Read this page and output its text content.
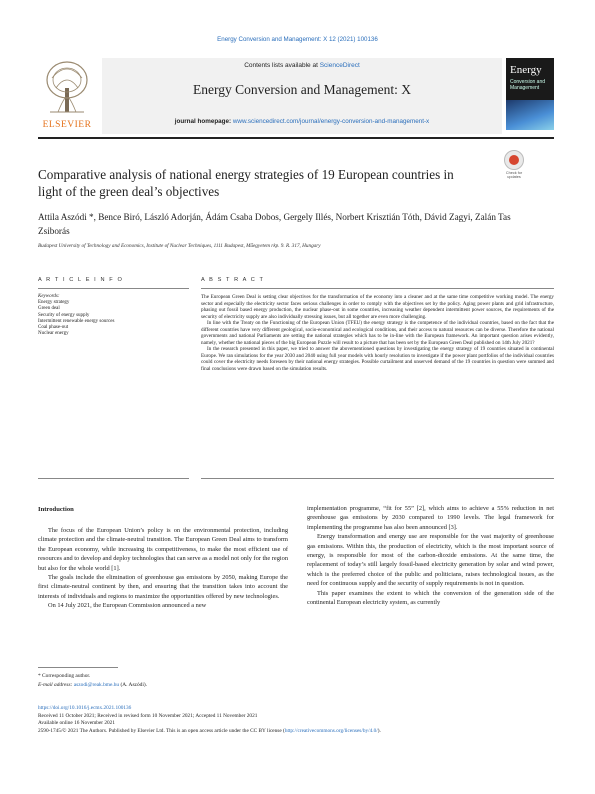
Energy Conversion and Management: X 12 (2021) 100136
ELSEVIER
Contents lists available at ScienceDirect
Energy Conversion and Management: X
journal homepage: www.sciencedirect.com/journal/energy-conversion-and-management-x
Energy
Conversion and Management
Comparative analysis of national energy strategies of 19 European countries in light of the green deal’s objectives
Check for updates
Attila Aszódi *, Bence Biró, László Adorján, Ádám Csaba Dobos, Gergely Illés, Norbert Krisztián Tóth, Dávid Zagyi, Zalán Tas Zsiborás
Budapest University of Technology and Economics, Institute of Nuclear Techniques, 1111 Budapest, Műegyetem rkp. 9. R. 317, Hungary
A R T I C L E I N F O	A B S T R A C T
Keywords:
Energy strategy
Green deal
Security of energy supply
Intermittent renewable energy sources
Coal phase-out
Nuclear energy

The European Green Deal is setting clear objectives for the transformation of the economy into a cleaner and at the same time competitive working model. The energy sector and especially the electricity sector faces serious challenges in order to comply with the objectives set by the policy. Aging power plants and grid infrastructure, phasing out fossil based energy production, the nuclear phase-out in some countries, increasing weather dependent intermittent power sources, the requirements of the security of electricity supply are also individually stressing issues, but all together are even more challenging.

In line with the Treaty on the Functioning of the European Union (TFEU) the energy strategy is the competence of the individual countries, based on the fact that the different countries have very different geological, socio-economical and ecological conditions, and their access to natural resources can be diverse. Therefore the national governments and national Parliaments are setting the national strategies which has to be in-line with the European framework. An important question arises evidently, namely, whether the national pieces of the big European Puzzle will result to a picture that has been set by the European Green Deal published on 14th July 2021?

In the research presented in this paper, we tried to answer the abovementioned questions by investigating the energy strategy of 19 countries situated in continental Europe. We ran simulations for the year 2030 and 2040 using full year models with hourly resolution to investigate if the power plant portfolios of the individual countries could cover the electricity needs foreseen by their national energy strategies. Possible curtailment and unserved demand of the 19 countries in question were summed and final conclusions were drawn based on the simulation results.

Introduction

The focus of the European Union’s policy is on the environmental protection, including climate protection and the climate-neutral transition. The European Green Deal aims to transform the European economy, while increasing its competitiveness, to make the most efficient use of resources and to develop and deploy technologies that can serve as a model not only for the region but also for the whole world [1].

The goals include the elimination of greenhouse gas emissions by 2050, making Europe the first climate-neutral continent by then, and ensuring that the transition takes into account the interests of individuals and regions to maximize the opportunities offered by new technologies.

On 14 July 2021, the European Commission announced a new

implementation programme, “fit for 55” [2], which aims to achieve a 55% reduction in net greenhouse gas emissions by 2030 compared to 1990 levels. The legal framework for implementing the programme has also been announced [3].

Energy transformation and energy use are responsible for the vast majority of greenhouse gas emissions. Within this, the production of electricity, which is the most important source of energy, is responsible for most of the carbon-dioxide emissions. At the same time, the replacement of today’s still largely fossil-based electricity generation by solar and wind power, which is the preferred choice of the public and politicians, raises technological issues, as the need for continuous supply and the security of supply requirements is not in question.

This paper examines the extent to which the conversion of the generation side of the continental European electricity system, as currently

* Corresponding author.
E-mail address: aszodi@reak.bme.hu (A. Aszódi).
https://doi.org/10.1016/j.ecmx.2021.100136
Received 11 October 2021; Received in revised form 10 November 2021; Accepted 11 November 2021
Available online 16 November 2021
2590-1745/© 2021 The Authors. Published by Elsevier Ltd. This is an open access article under the CC BY license (http://creativecommons.org/licenses/by/4.0/).
